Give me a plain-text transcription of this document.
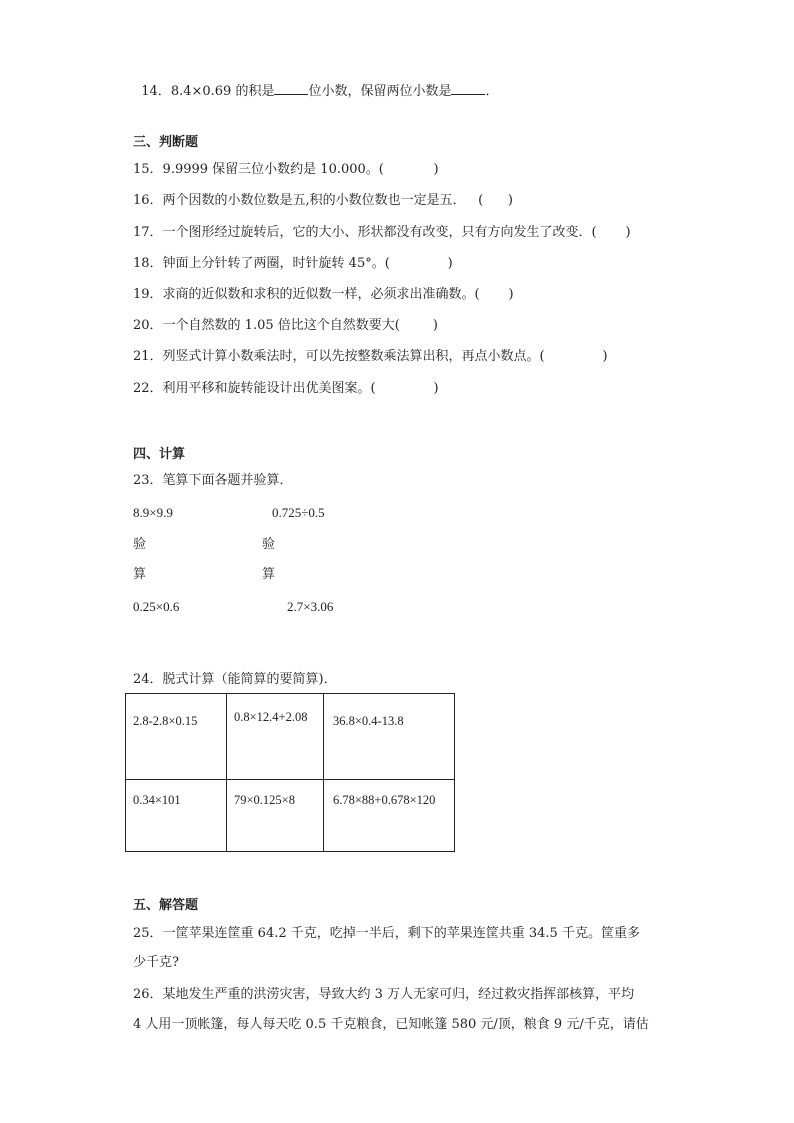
14．8.4×0.69 的积是	位小数，保留两位小数是	．

三、判断题
15．9.9999 保留三位小数约是 10.000。(            )
16．两个因数的小数位数是五,积的小数位数也一定是五．   (      )
17．一个图形经过旋转后，它的大小、形状都没有改变，只有方向发生了改变．(       )
18．钟面上分针转了两圈，时针旋转 45°。(              )
19．求商的近似数和求积的近似数一样，必须求出准确数。(       )
20．一个自然数的 1.05 倍比这个自然数要大(        )
21．列竖式计算小数乘法时，可以先按整数乘法算出积，再点小数点。(              )
22．利用平移和旋转能设计出优美图案。(              )
四、计算
23．笔算下面各题并验算．
8.9×9.9	0.725÷0.5
验	验
算	算
0.25×0.6	2.7×3.06
24．脱式计算（能简算的要简算)．
2.8-2.8×0.15	0.8×12.4+2.08	36.8×0.4-13.8

0.34×101	79×0.125×8	6.78×88+0.678×120
五、解答题
25．一筐苹果连筐重 64.2 千克，吃掉一半后，剩下的苹果连筐共重 34.5 千克。筐重多
少千克?
26．某地发生严重的洪涝灾害，导致大约 3 万人无家可归，经过救灾指挥部核算，平均
4 人用一顶帐篷，每人每天吃 0.5 千克粮食，已知帐篷 580 元/顶，粮食 9 元/千克，请估
